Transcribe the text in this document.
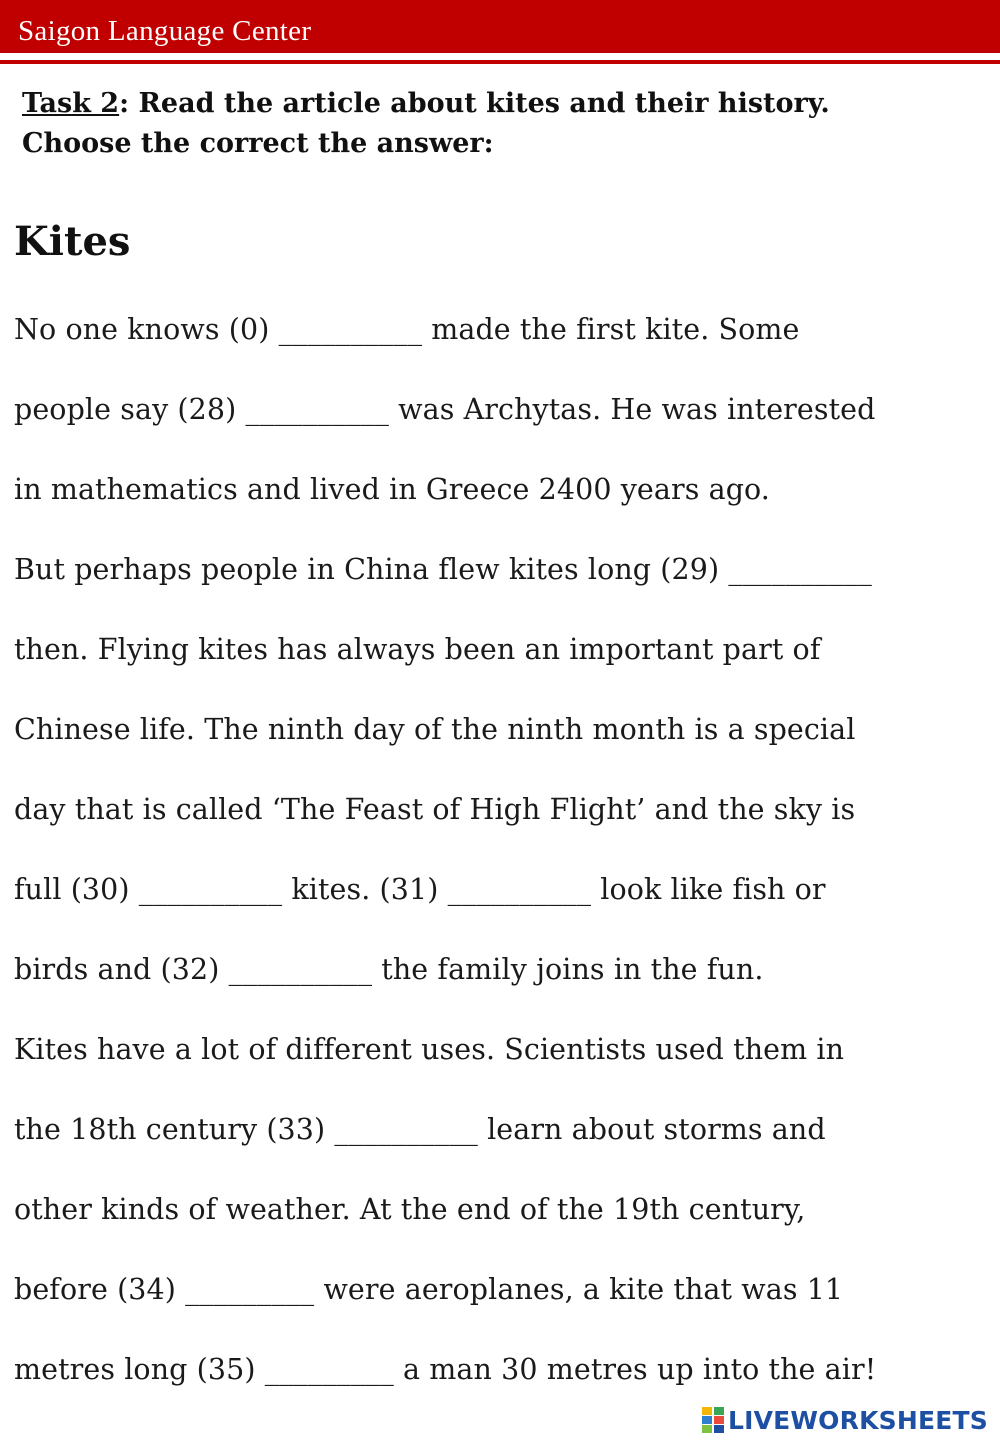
Saigon Language Center
Task 2: Read the article about kites and their history.
Choose the correct the answer:
Kites
No one knows (0) __________ made the first kite. Some
people say (28) __________ was Archytas. He was interested
in mathematics and lived in Greece 2400 years ago.
But perhaps people in China flew kites long (29) __________
then. Flying kites has always been an important part of
Chinese life. The ninth day of the ninth month is a special
day that is called ‘The Feast of High Flight’ and the sky is
full (30) __________ kites. (31) __________ look like fish or
birds and (32) __________ the family joins in the fun.
Kites have a lot of different uses. Scientists used them in
the 18th century (33) __________ learn about storms and
other kinds of weather. At the end of the 19th century,
before (34) _________ were aeroplanes, a kite that was 11
metres long (35) _________ a man 30 metres up into the air!
LIVEWORKSHEETS
